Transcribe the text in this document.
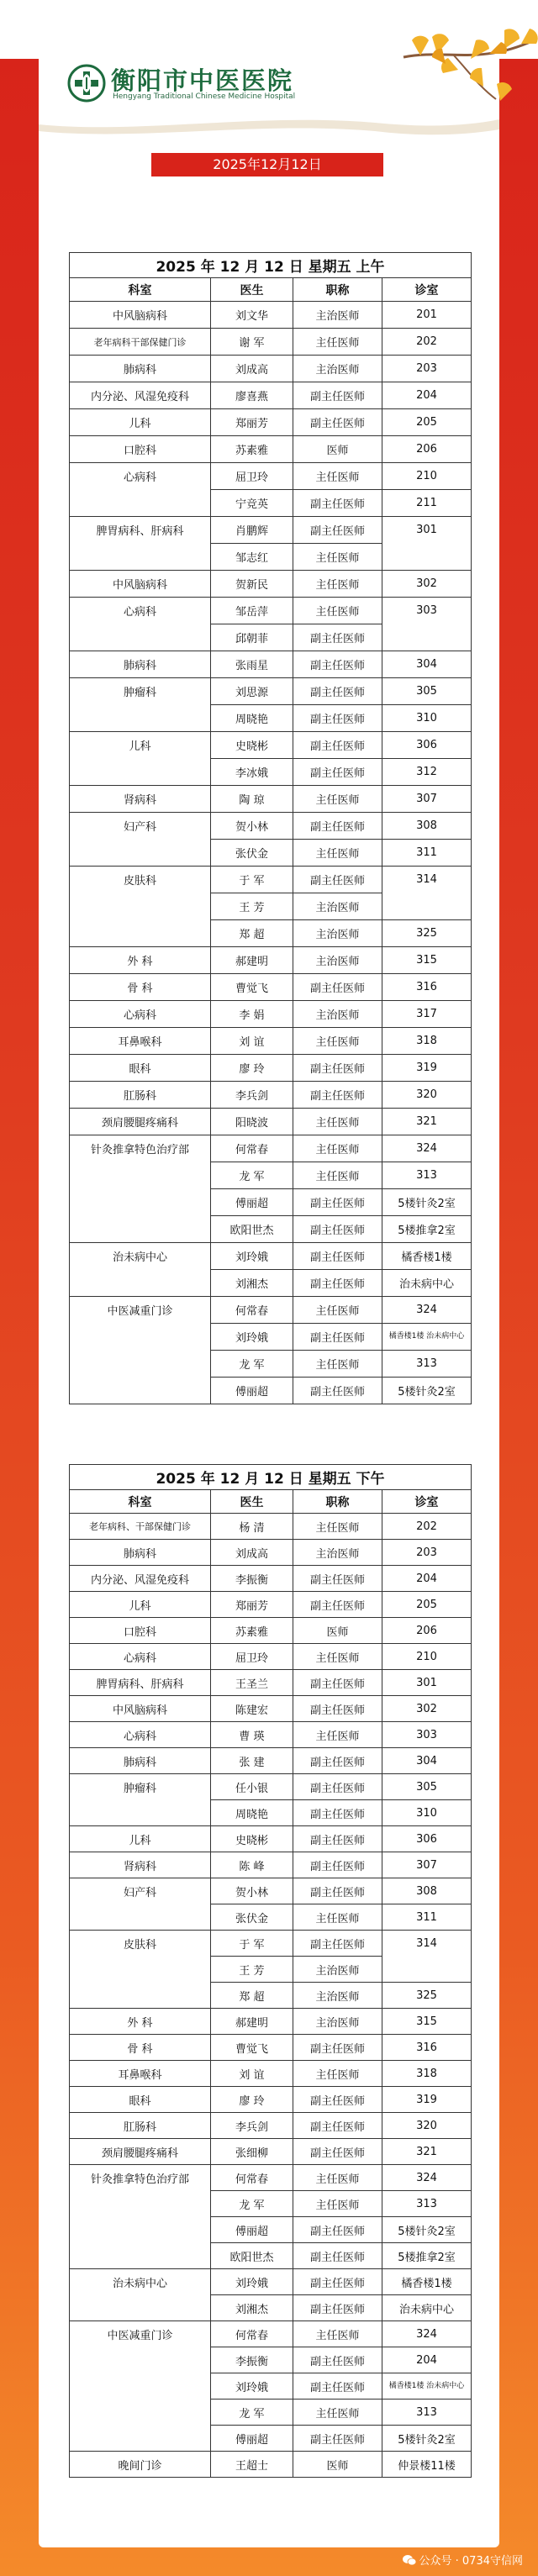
衡阳市中医医院
Hengyang Traditional Chinese Medicine Hospital
2025年12月12日
2025 年 12 月 12 日 星期五 上午			
科室	医生	职称	诊室
中风脑病科	刘文华	主治医师	201
老年病科干部保健门诊	谢 军	主任医师	202
肺病科	刘成高	主治医师	203
内分泌、风湿免疫科	廖喜燕	副主任医师	204
儿科	郑丽芳	副主任医师	205
口腔科	苏素雅	医师	206
心病科	屈卫玲	主任医师	210
	宁竞英	副主任医师	211
脾胃病科、肝病科	肖鹏辉	副主任医师	301
	邹志红	主任医师	
中风脑病科	贺新民	主任医师	302
心病科	邹岳萍	主任医师	303
	邱朝菲	副主任医师	
肺病科	张雨星	副主任医师	304
肿瘤科	刘思源	副主任医师	305
	周晓艳	副主任医师	310
儿科	史晓彬	副主任医师	306
	李冰娥	副主任医师	312
肾病科	陶 琼	主任医师	307
妇产科	贺小林	副主任医师	308
	张伏金	主任医师	311
皮肤科	于 军	副主任医师	314
	王 芳	主治医师	
	郑 超	主治医师	325
外 科	郝建明	主治医师	315
骨 科	曹觉飞	副主任医师	316
心病科	李 娟	主治医师	317
耳鼻喉科	刘 谊	主任医师	318
眼科	廖 玲	副主任医师	319
肛肠科	李兵剑	副主任医师	320
颈肩腰腿疼痛科	阳晓波	主任医师	321
针灸推拿特色治疗部	何常春	主任医师	324
	龙 军	主任医师	313
	傅丽超	副主任医师	5楼针灸2室
	欧阳世杰	副主任医师	5楼推拿2室
治未病中心	刘玲娥	副主任医师	橘香楼1楼
	刘湘杰	副主任医师	治未病中心
中医减重门诊	何常春	主任医师	324
	刘玲娥	副主任医师	橘香楼1楼 治未病中心
	龙 军	主任医师	313
	傅丽超	副主任医师	5楼针灸2室
2025 年 12 月 12 日 星期五 下午			
科室	医生	职称	诊室
老年病科、干部保健门诊	杨 清	主任医师	202
肺病科	刘成高	主治医师	203
内分泌、风湿免疫科	李振衡	副主任医师	204
儿科	郑丽芳	副主任医师	205
口腔科	苏素雅	医师	206
心病科	屈卫玲	主任医师	210
脾胃病科、肝病科	王圣兰	副主任医师	301
中风脑病科	陈建宏	副主任医师	302
心病科	曹 瑛	主任医师	303
肺病科	张 建	副主任医师	304
肿瘤科	任小银	副主任医师	305
	周晓艳	副主任医师	310
儿科	史晓彬	副主任医师	306
肾病科	陈 峰	副主任医师	307
妇产科	贺小林	副主任医师	308
	张伏金	主任医师	311
皮肤科	于 军	副主任医师	314
	王 芳	主治医师	
	郑 超	主治医师	325
外 科	郝建明	主治医师	315
骨 科	曹觉飞	副主任医师	316
耳鼻喉科	刘 谊	主任医师	318
眼科	廖 玲	副主任医师	319
肛肠科	李兵剑	副主任医师	320
颈肩腰腿疼痛科	张细柳	副主任医师	321
针灸推拿特色治疗部	何常春	主任医师	324
	龙 军	主任医师	313
	傅丽超	副主任医师	5楼针灸2室
	欧阳世杰	副主任医师	5楼推拿2室
治未病中心	刘玲娥	副主任医师	橘香楼1楼
	刘湘杰	副主任医师	治未病中心
中医减重门诊	何常春	主任医师	324
	李振衡	副主任医师	204
	刘玲娥	副主任医师	橘香楼1楼 治未病中心
	龙 军	主任医师	313
	傅丽超	副主任医师	5楼针灸2室
晚间门诊	王超士	医师	仲景楼11楼
公众号 · 0734守信网
